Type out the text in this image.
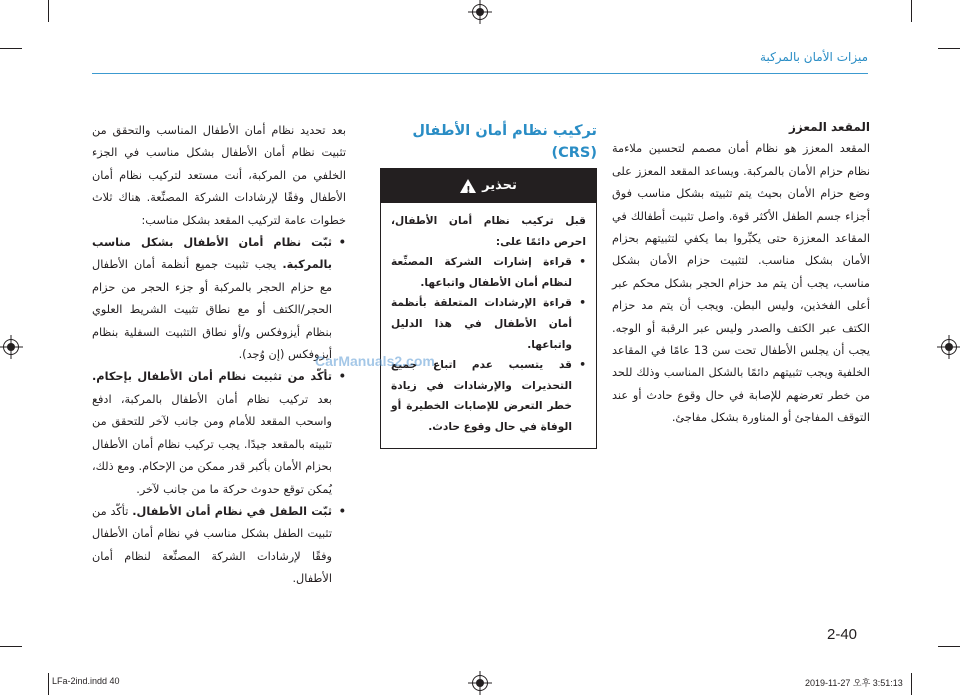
ميزات الأمان بالمركبة
المقعد المعزز

المقعد المعزز هو نظام أمان مصمم لتحسين ملاءمة نظام حزام الأمان بالمركبة. ويساعد المقعد المعزز على وضع حزام الأمان بحيث يتم تثبيته بشكل مناسب فوق أجزاء جسم الطفل الأكثر قوة. واصل تثبيت أطفالك في المقاعد المعززة حتى يكبِّروا بما يكفي لتثبيتهم بحزام الأمان بشكل مناسب. لتثبيت حزام الأمان بشكل مناسب، يجب أن يتم مد حزام الحجر بشكل محكم عبر أعلى الفخذين، وليس البطن. ويجب أن يتم مد حزام الكتف عبر الكتف والصدر وليس عبر الرقبة أو الوجه. يجب أن يجلس الأطفال تحت سن 13 عامًا في المقاعد الخلفية ويجب تثبيتهم دائمًا بالشكل المناسب وذلك للحد من خطر تعرضهم للإصابة في حال وقوع حادث أو عند التوقف المفاجئ أو المناورة بشكل مفاجئ.

تركيب نظام أمان الأطفال (CRS)
تحذير
!

قبل تركيب نظام أمان الأطفال، احرص دائمًا على:

• قراءة إشارات الشركة المصنِّعة لنظام أمان الأطفال واتباعها.
• قراءة الإرشادات المتعلقة بأنظمة أمان الأطفال في هذا الدليل واتباعها.
• قد يتسبب عدم اتباع جميع التحذيرات والإرشادات في زيادة خطر التعرض للإصابات الخطيرة أو الوفاة في حال وقوع حادث.

بعد تحديد نظام أمان الأطفال المناسب والتحقق من تثبيت نظام أمان الأطفال بشكل مناسب في الجزء الخلفي من المركبة، أنت مستعد لتركيب نظام أمان الأطفال وفقًا لإرشادات الشركة المصنِّعة. هناك ثلاث خطوات عامة لتركيب المقعد بشكل مناسب:

• ثبّت نظام أمان الأطفال بشكل مناسب بالمركبة. يجب تثبيت جميع أنظمة أمان الأطفال مع حزام الحجر بالمركبة أو جزء الحجر من حزام الحجر/الكتف أو مع نطاق تثبيت الشريط العلوي بنظام أيزوفكس و/أو نطاق التثبيت السفلية بنظام أيزوفكس (إن وُجد).
• تأكّد من تثبيت نظام أمان الأطفال بإحكام. بعد تركيب نظام أمان الأطفال بالمركبة، ادفع واسحب المقعد للأمام ومن جانب لآخر للتحقق من تثبيته بالمقعد جيدًا. يجب تركيب نظام أمان الأطفال بحزام الأمان بأكبر قدر ممكن من الإحكام. ومع ذلك، يُمكن توقع حدوث حركة ما من جانب لآخر.
• ثبّت الطفل في نظام أمان الأطفال. تأكّد من تثبيت الطفل بشكل مناسب في نظام أمان الأطفال وفقًا لإرشادات الشركة المصنِّعة لنظام أمان الأطفال.
CarManuals2.com
2-40
LFa-2ind.indd 40	2019-11-27 오후 3:51:13
